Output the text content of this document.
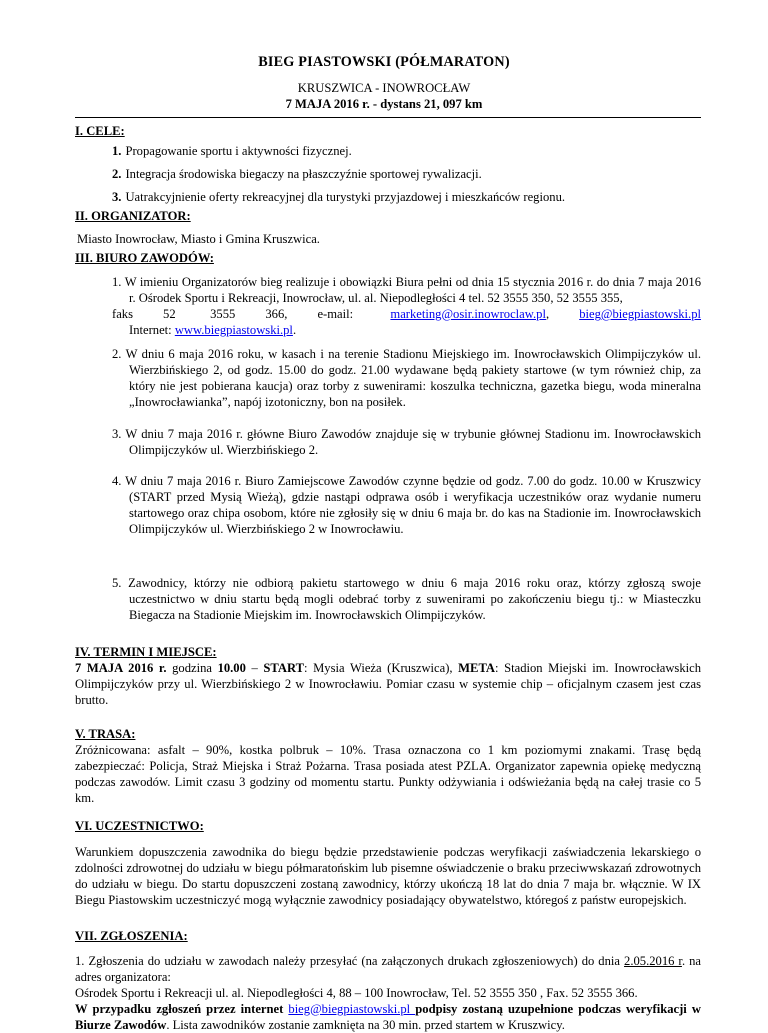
BIEG PIASTOWSKI (PÓŁMARATON)
KRUSZWICA - INOWROCŁAW
7 MAJA 2016 r. - dystans 21, 097 km
I. CELE:
1. Propagowanie sportu i aktywności fizycznej.
2. Integracja środowiska biegaczy na płaszczyźnie sportowej rywalizacji.
3. Uatrakcyjnienie oferty rekreacyjnej dla turystyki przyjazdowej i mieszkańców regionu.
II. ORGANIZATOR:
Miasto Inowrocław, Miasto i Gmina Kruszwica.
III. BIURO ZAWODÓW:
1. W imieniu Organizatorów bieg realizuje i obowiązki Biura pełni od dnia 15 stycznia 2016 r. do dnia 7 maja 2016 r. Ośrodek Sportu i Rekreacji, Inowrocław, ul. al. Niepodległości 4 tel. 52 3555 350, 52 3555 355,
faks 52	3555 366, e-mail:	marketing@osir.inowroclaw.pl, bieg@biegpiastowski.pl
Internet: www.biegpiastowski.pl.
2. W dniu 6 maja 2016 roku, w kasach i na terenie Stadionu Miejskiego im. Inowrocławskich Olimpijczyków ul. Wierzbińskiego 2, od godz. 15.00 do godz. 21.00 wydawane będą pakiety startowe (w tym również chip, za który nie jest pobierana kaucja) oraz torby z suwenirami: koszulka techniczna, gazetka biegu, woda mineralna „Inowrocławianka”, napój izotoniczny, bon na posiłek.
3. W dniu 7 maja 2016 r. główne Biuro Zawodów znajduje się w trybunie głównej Stadionu im. Inowrocławskich Olimpijczyków ul. Wierzbińskiego 2.
4. W dniu 7 maja 2016 r. Biuro Zamiejscowe Zawodów czynne będzie od godz. 7.00 do godz. 10.00 w Kruszwicy (START przed Mysią Wieżą), gdzie nastąpi odprawa osób i weryfikacja uczestników oraz wydanie numeru startowego oraz chipa osobom, które nie zgłosiły się w dniu 6 maja br. do kas na Stadionie im. Inowrocławskich Olimpijczyków ul. Wierzbińskiego 2 w Inowrocławiu.
5. Zawodnicy, którzy nie odbiorą pakietu startowego w dniu 6 maja 2016 roku oraz, którzy zgłoszą swoje uczestnictwo w dniu startu będą mogli odebrać torby z suwenirami po zakończeniu biegu tj.: w Miasteczku Biegacza na Stadionie Miejskim im. Inowrocławskich Olimpijczyków.
IV. TERMIN I MIEJSCE:
7 MAJA 2016 r. godzina 10.00 – START: Mysia Wieża (Kruszwica), META: Stadion Miejski im. Inowrocławskich Olimpijczyków przy ul. Wierzbińskiego 2 w Inowrocławiu. Pomiar czasu w systemie chip – oficjalnym czasem jest czas brutto.
V. TRASA:
Zróżnicowana: asfalt – 90%, kostka polbruk – 10%. Trasa oznaczona co 1 km poziomymi znakami. Trasę będą zabezpieczać: Policja, Straż Miejska i Straż Pożarna. Trasa posiada atest PZLA. Organizator zapewnia opiekę medyczną podczas zawodów. Limit czasu 3 godziny od momentu startu. Punkty odżywiania i odświeżania będą na całej trasie co 5 km.
VI. UCZESTNICTWO:
Warunkiem dopuszczenia zawodnika do biegu będzie przedstawienie podczas weryfikacji zaświadczenia lekarskiego o zdolności zdrowotnej do udziału w biegu półmaratońskim lub pisemne oświadczenie o braku przeciwwskazań zdrowotnych do udziału w biegu. Do startu dopuszczeni zostaną zawodnicy, którzy ukończą 18 lat do dnia 7 maja br. włącznie. W IX Biegu Piastowskim uczestniczyć mogą wyłącznie zawodnicy posiadający obywatelstwo, któregoś z państw europejskich.
VII. ZGŁOSZENIA:
1. Zgłoszenia do udziału w zawodach należy przesyłać (na załączonych drukach zgłoszeniowych) do dnia 2.05.2016 r. na adres organizatora:
Ośrodek Sportu i Rekreacji ul. al. Niepodległości 4, 88 – 100 Inowrocław, Tel. 52 3555 350 , Fax. 52 3555 366.
W przypadku zgłoszeń przez internet bieg@biegpiastowski.pl podpisy zostaną uzupełnione podczas weryfikacji w Biurze Zawodów. Lista zawodników zostanie zamknięta na 30 min. przed startem w Kruszwicy.
